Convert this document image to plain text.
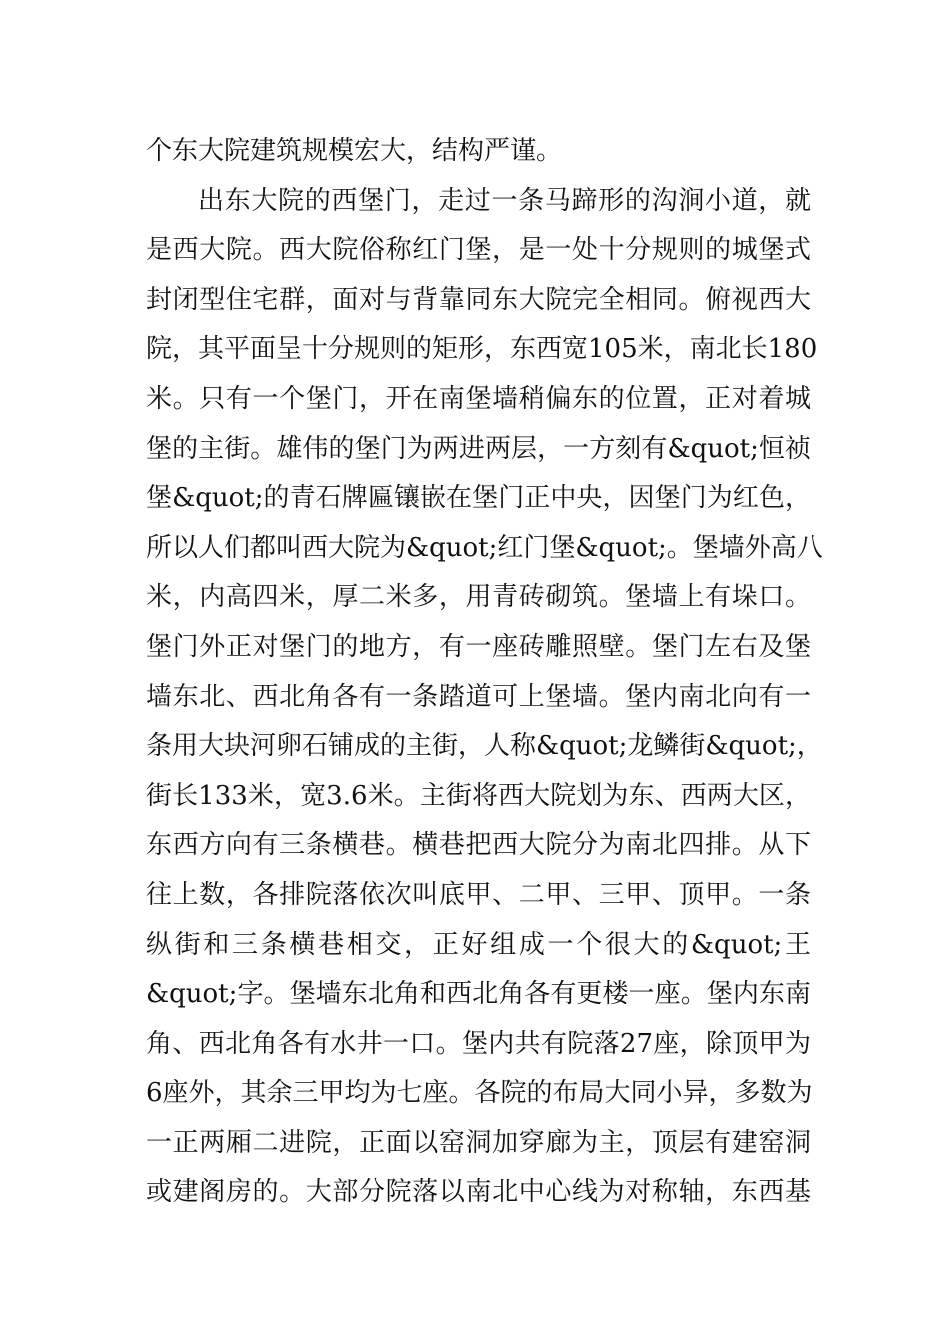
个东大院建筑规模宏大，结构严谨。
出东大院的西堡门，走过一条马蹄形的沟涧小道，就
是西大院。西大院俗称红门堡，是一处十分规则的城堡式
封闭型住宅群，面对与背靠同东大院完全相同。俯视西大
院，其平面呈十分规则的矩形，东西宽105米，南北长180
米。只有一个堡门，开在南堡墙稍偏东的位置，正对着城
堡的主街。雄伟的堡门为两进两层，一方刻有&quot;恒祯
堡&quot;的青石牌匾镶嵌在堡门正中央，因堡门为红色，
所以人们都叫西大院为&quot;红门堡&quot;。堡墙外高八
米，内高四米，厚二米多，用青砖砌筑。堡墙上有垛口。
堡门外正对堡门的地方，有一座砖雕照壁。堡门左右及堡
墙东北、西北角各有一条踏道可上堡墙。堡内南北向有一
条用大块河卵石铺成的主街，人称&quot;龙鳞街&quot;，
街长133米，宽3.6米。主街将西大院划为东、西两大区，
东西方向有三条横巷。横巷把西大院分为南北四排。从下
往上数，各排院落依次叫底甲、二甲、三甲、顶甲。一条
纵街和三条横巷相交，正好组成一个很大的&quot;王
&quot;字。堡墙东北角和西北角各有更楼一座。堡内东南
角、西北角各有水井一口。堡内共有院落27座，除顶甲为
6座外，其余三甲均为七座。各院的布局大同小异，多数为
一正两厢二进院，正面以窑洞加穿廊为主，顶层有建窑洞
或建阁房的。大部分院落以南北中心线为对称轴，东西基
